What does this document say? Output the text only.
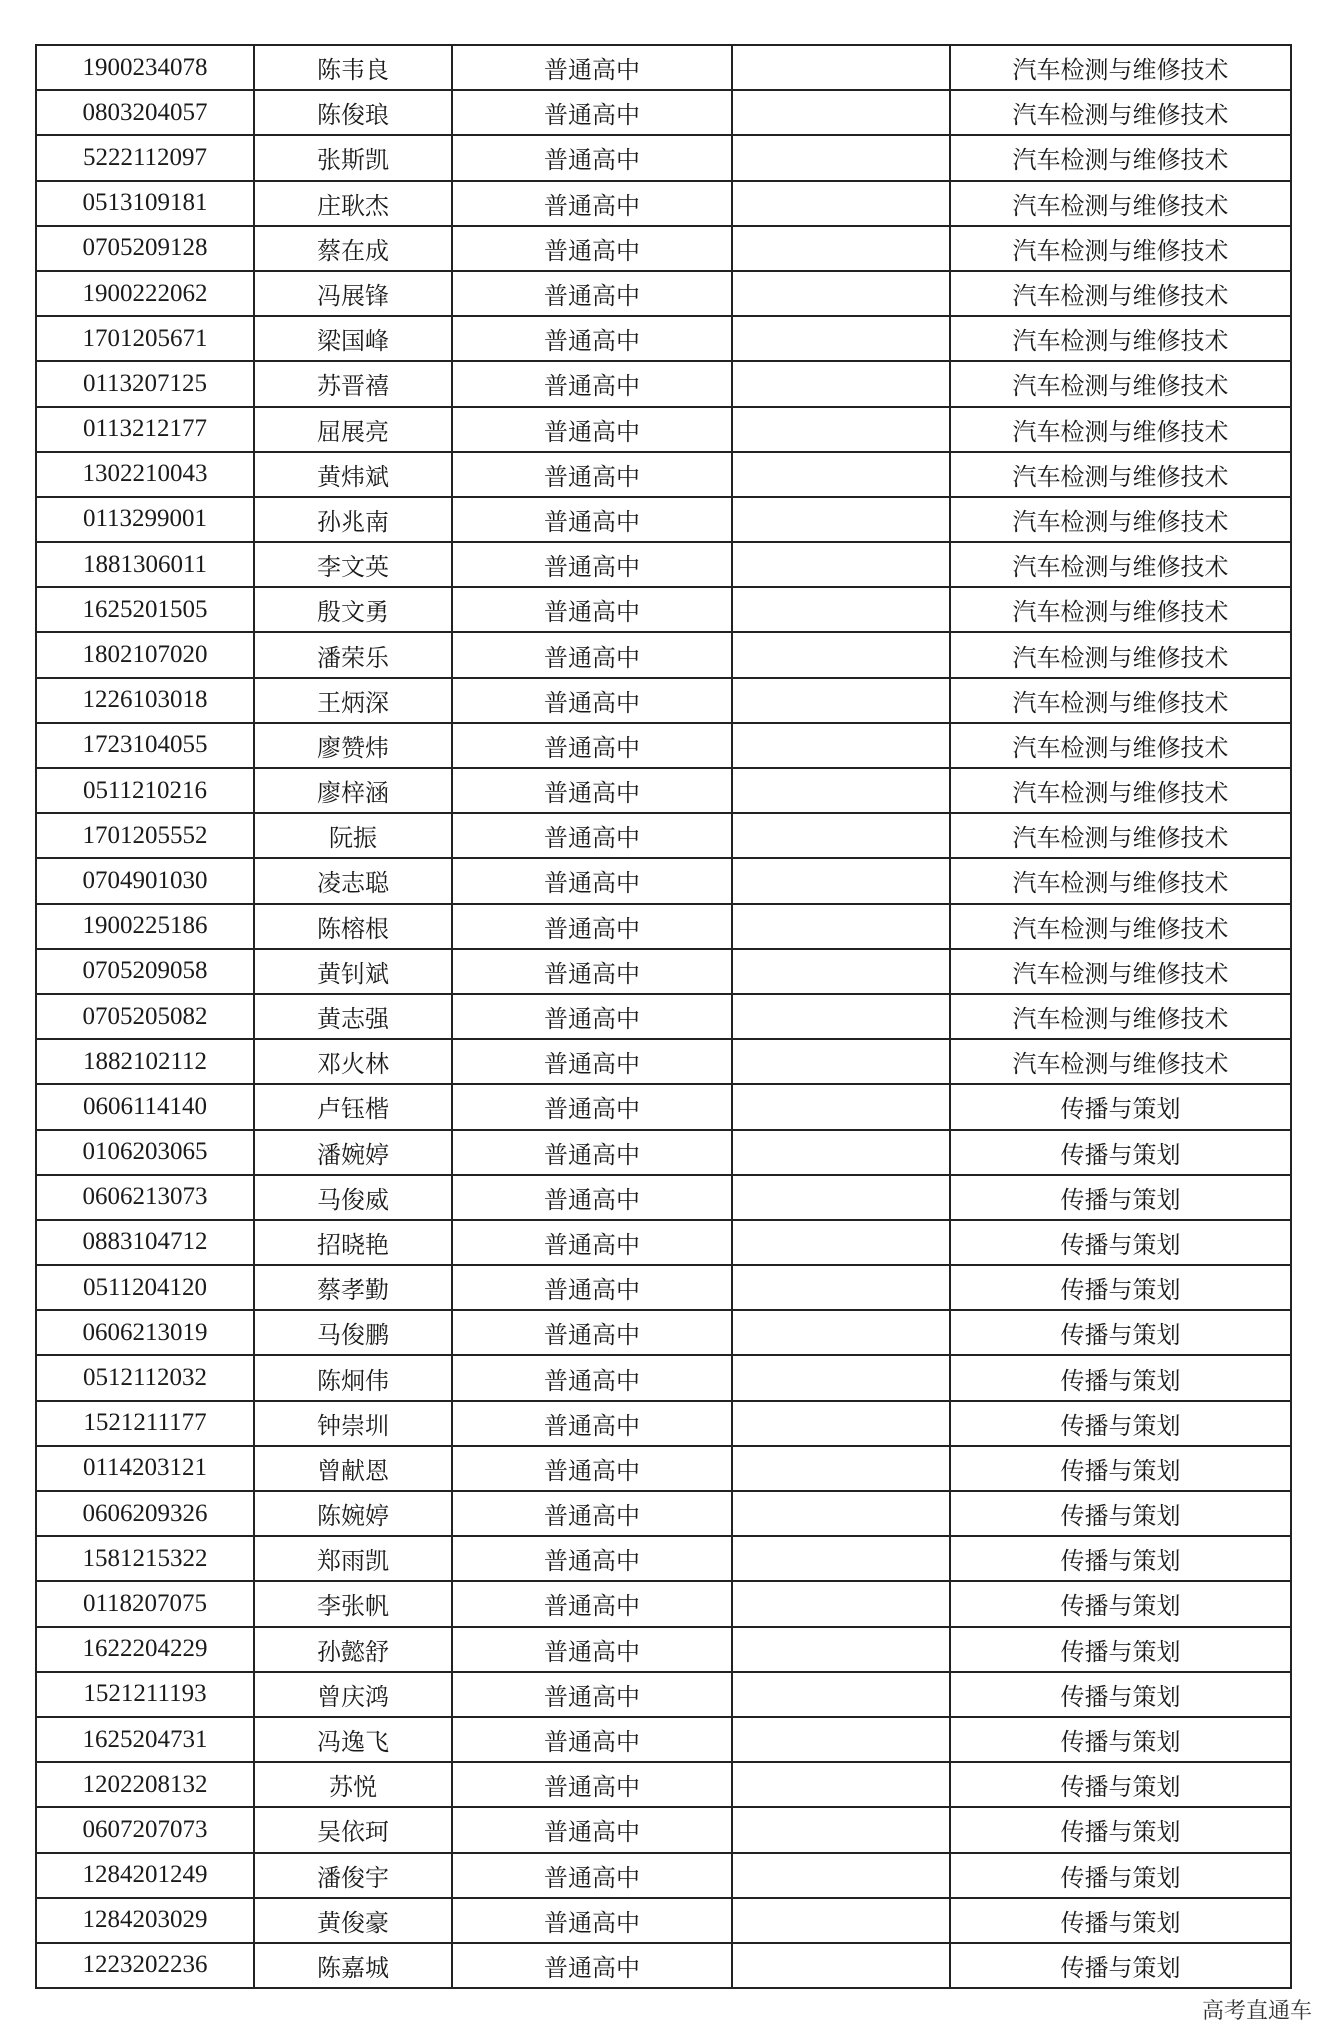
1900234078	陈韦良	普通高中		汽车检测与维修技术
0803204057	陈俊琅	普通高中		汽车检测与维修技术
5222112097	张斯凯	普通高中		汽车检测与维修技术
0513109181	庄耿杰	普通高中		汽车检测与维修技术
0705209128	蔡在成	普通高中		汽车检测与维修技术
1900222062	冯展锋	普通高中		汽车检测与维修技术
1701205671	梁国峰	普通高中		汽车检测与维修技术
0113207125	苏晋禧	普通高中		汽车检测与维修技术
0113212177	屈展亮	普通高中		汽车检测与维修技术
1302210043	黄炜斌	普通高中		汽车检测与维修技术
0113299001	孙兆南	普通高中		汽车检测与维修技术
1881306011	李文英	普通高中		汽车检测与维修技术
1625201505	殷文勇	普通高中		汽车检测与维修技术
1802107020	潘荣乐	普通高中		汽车检测与维修技术
1226103018	王炳深	普通高中		汽车检测与维修技术
1723104055	廖赞炜	普通高中		汽车检测与维修技术
0511210216	廖梓涵	普通高中		汽车检测与维修技术
1701205552	阮振	普通高中		汽车检测与维修技术
0704901030	凌志聪	普通高中		汽车检测与维修技术
1900225186	陈榕根	普通高中		汽车检测与维修技术
0705209058	黄钊斌	普通高中		汽车检测与维修技术
0705205082	黄志强	普通高中		汽车检测与维修技术
1882102112	邓火林	普通高中		汽车检测与维修技术
0606114140	卢钰楷	普通高中		传播与策划
0106203065	潘婉婷	普通高中		传播与策划
0606213073	马俊威	普通高中		传播与策划
0883104712	招晓艳	普通高中		传播与策划
0511204120	蔡孝勤	普通高中		传播与策划
0606213019	马俊鹏	普通高中		传播与策划
0512112032	陈炯伟	普通高中		传播与策划
1521211177	钟崇圳	普通高中		传播与策划
0114203121	曾献恩	普通高中		传播与策划
0606209326	陈婉婷	普通高中		传播与策划
1581215322	郑雨凯	普通高中		传播与策划
0118207075	李张帆	普通高中		传播与策划
1622204229	孙懿舒	普通高中		传播与策划
1521211193	曾庆鸿	普通高中		传播与策划
1625204731	冯逸飞	普通高中		传播与策划
1202208132	苏悦	普通高中		传播与策划
0607207073	吴依珂	普通高中		传播与策划
1284201249	潘俊宇	普通高中		传播与策划
1284203029	黄俊豪	普通高中		传播与策划
1223202236	陈嘉城	普通高中		传播与策划
高考直通车
